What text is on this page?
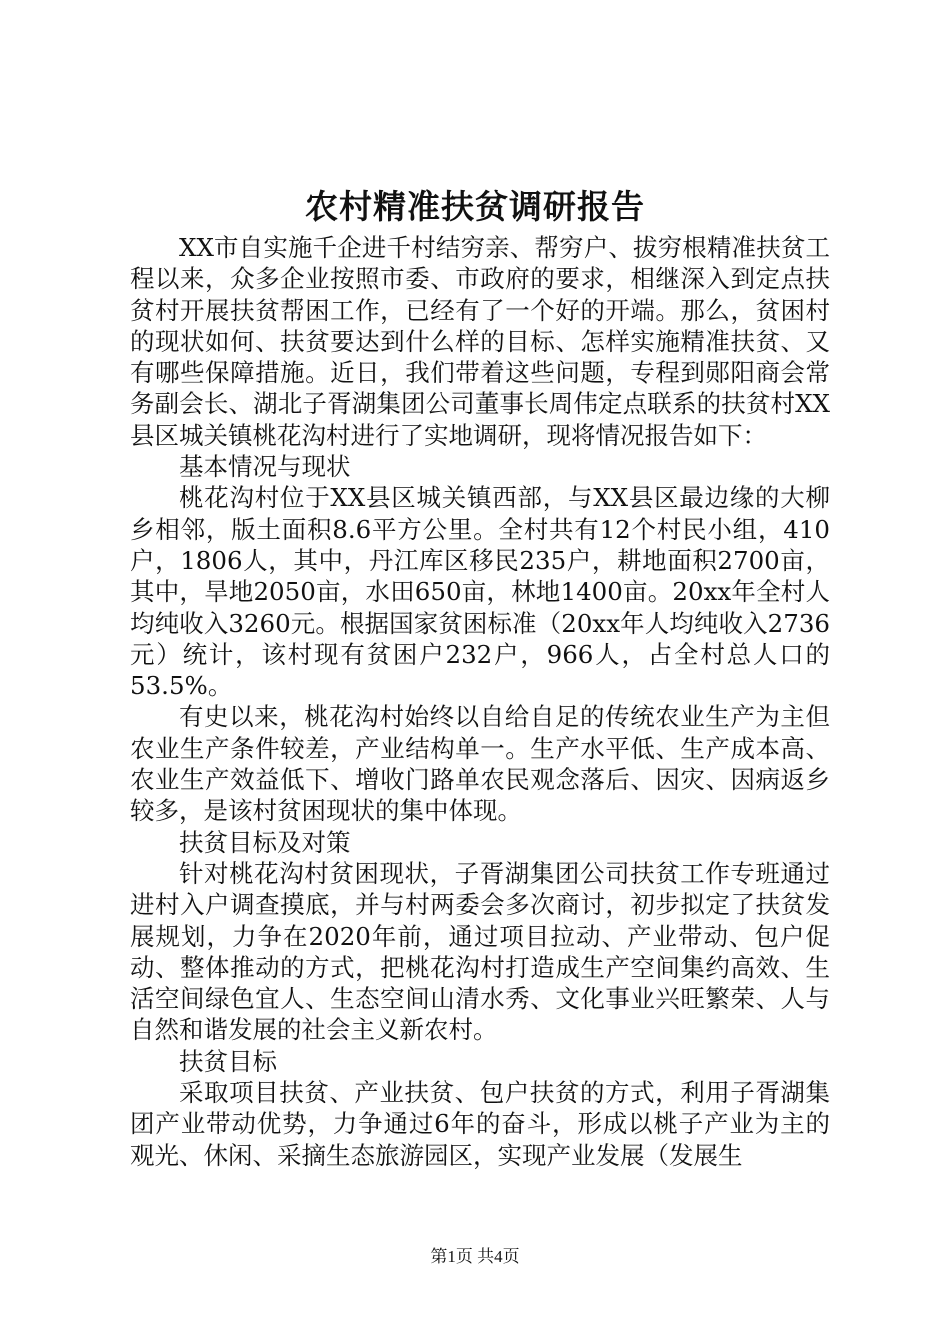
农村精准扶贫调研报告

XX市自实施千企进千村结穷亲、帮穷户、拔穷根精准扶贫工程以来，众多企业按照市委、市政府的要求，相继深入到定点扶贫村开展扶贫帮困工作，已经有了一个好的开端。那么，贫困村的现状如何、扶贫要达到什么样的目标、怎样实施精准扶贫、又有哪些保障措施。近日，我们带着这些问题，专程到郧阳商会常务副会长、湖北子胥湖集团公司董事长周伟定点联系的扶贫村XX县区城关镇桃花沟村进行了实地调研，现将情况报告如下：

基本情况与现状

桃花沟村位于XX县区城关镇西部，与XX县区最边缘的大柳乡相邻，版土面积8.6平方公里。全村共有12个村民小组，410户，1806人，其中，丹江库区移民235户，耕地面积2700亩，其中，旱地2050亩，水田650亩，林地1400亩。20xx年全村人均纯收入3260元。根据国家贫困标准（20xx年人均纯收入2736元）统计，该村现有贫困户232户，966人，占全村总人口的53.5%。

有史以来，桃花沟村始终以自给自足的传统农业生产为主但农业生产条件较差，产业结构单一。生产水平低、生产成本高、农业生产效益低下、增收门路单农民观念落后、因灾、因病返乡较多，是该村贫困现状的集中体现。

扶贫目标及对策

针对桃花沟村贫困现状，子胥湖集团公司扶贫工作专班通过进村入户调查摸底，并与村两委会多次商讨，初步拟定了扶贫发展规划，力争在2020年前，通过项目拉动、产业带动、包户促动、整体推动的方式，把桃花沟村打造成生产空间集约高效、生活空间绿色宜人、生态空间山清水秀、文化事业兴旺繁荣、人与自然和谐发展的社会主义新农村。

扶贫目标

采取项目扶贫、产业扶贫、包户扶贫的方式，利用子胥湖集团产业带动优势，力争通过6年的奋斗，形成以桃子产业为主的观光、休闲、采摘生态旅游园区，实现产业发展（发展生

第1页 共4页
